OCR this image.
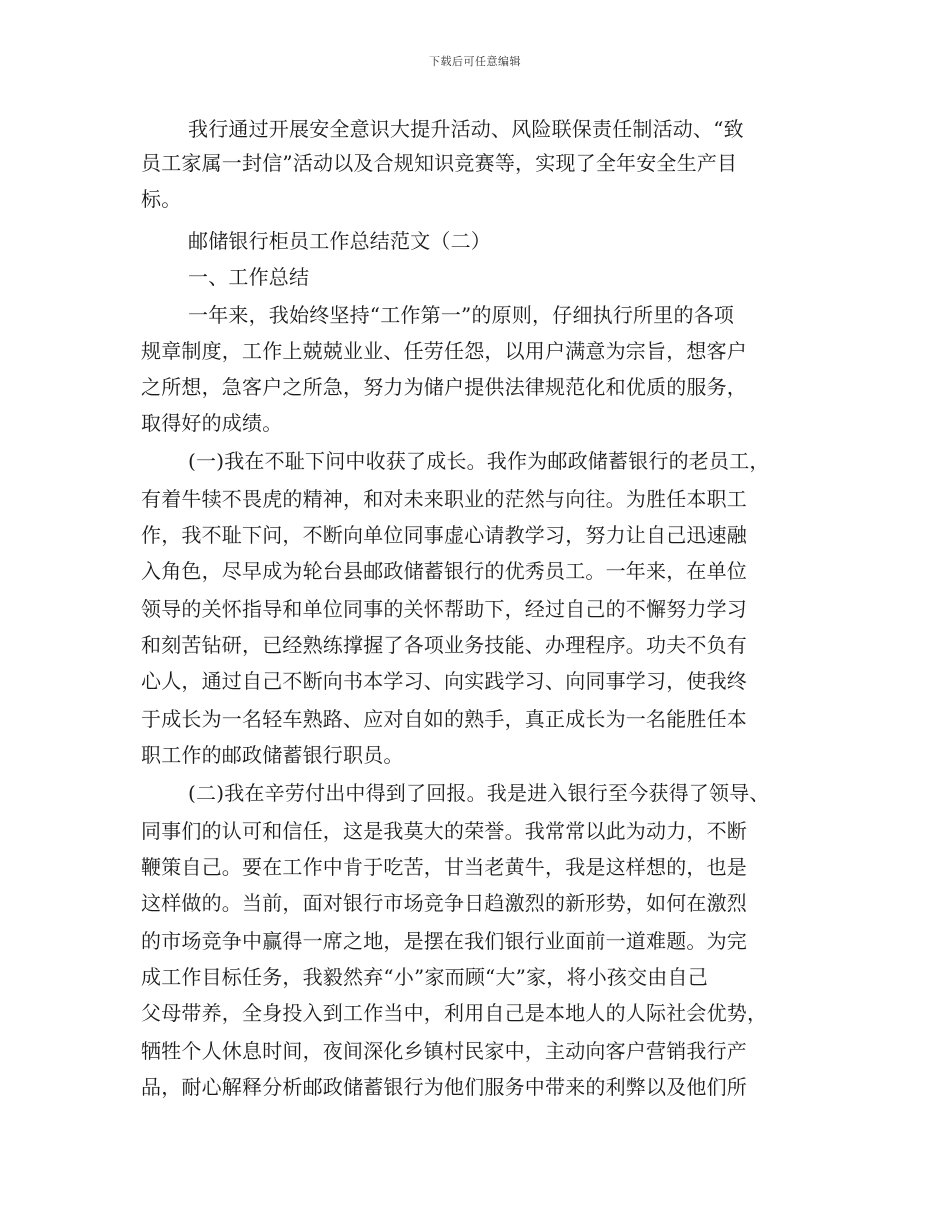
下载后可任意编辑
我行通过开展安全意识大提升活动、风险联保责任制活动、“致
员工家属一封信”活动以及合规知识竞赛等，实现了全年安全生产目
标。
邮储银行柜员工作总结范文（二）
一、工作总结
一年来，我始终坚持“工作第一”的原则，仔细执行所里的各项
规章制度，工作上兢兢业业、任劳任怨，以用户满意为宗旨，想客户
之所想，急客户之所急，努力为储户提供法律规范化和优质的服务，
取得好的成绩。
(一)我在不耻下问中收获了成长。我作为邮政储蓄银行的老员工，
有着牛犊不畏虎的精神，和对未来职业的茫然与向往。为胜任本职工
作，我不耻下问，不断向单位同事虚心请教学习，努力让自己迅速融
入角色，尽早成为轮台县邮政储蓄银行的优秀员工。一年来，在单位
领导的关怀指导和单位同事的关怀帮助下，经过自己的不懈努力学习
和刻苦钻研，已经熟练撑握了各项业务技能、办理程序。功夫不负有
心人，通过自己不断向书本学习、向实践学习、向同事学习，使我终
于成长为一名轻车熟路、应对自如的熟手，真正成长为一名能胜任本
职工作的邮政储蓄银行职员。
(二)我在辛劳付出中得到了回报。我是进入银行至今获得了领导、
同事们的认可和信任，这是我莫大的荣誉。我常常以此为动力，不断
鞭策自己。要在工作中肯于吃苦，甘当老黄牛，我是这样想的，也是
这样做的。当前，面对银行市场竞争日趋激烈的新形势，如何在激烈
的市场竞争中赢得一席之地，是摆在我们银行业面前一道难题。为完
成工作目标任务，我毅然弃“小”家而顾“大”家，将小孩交由自己
父母带养，全身投入到工作当中，利用自己是本地人的人际社会优势，
牺牲个人休息时间，夜间深化乡镇村民家中，主动向客户营销我行产
品，耐心解释分析邮政储蓄银行为他们服务中带来的利弊以及他们所
